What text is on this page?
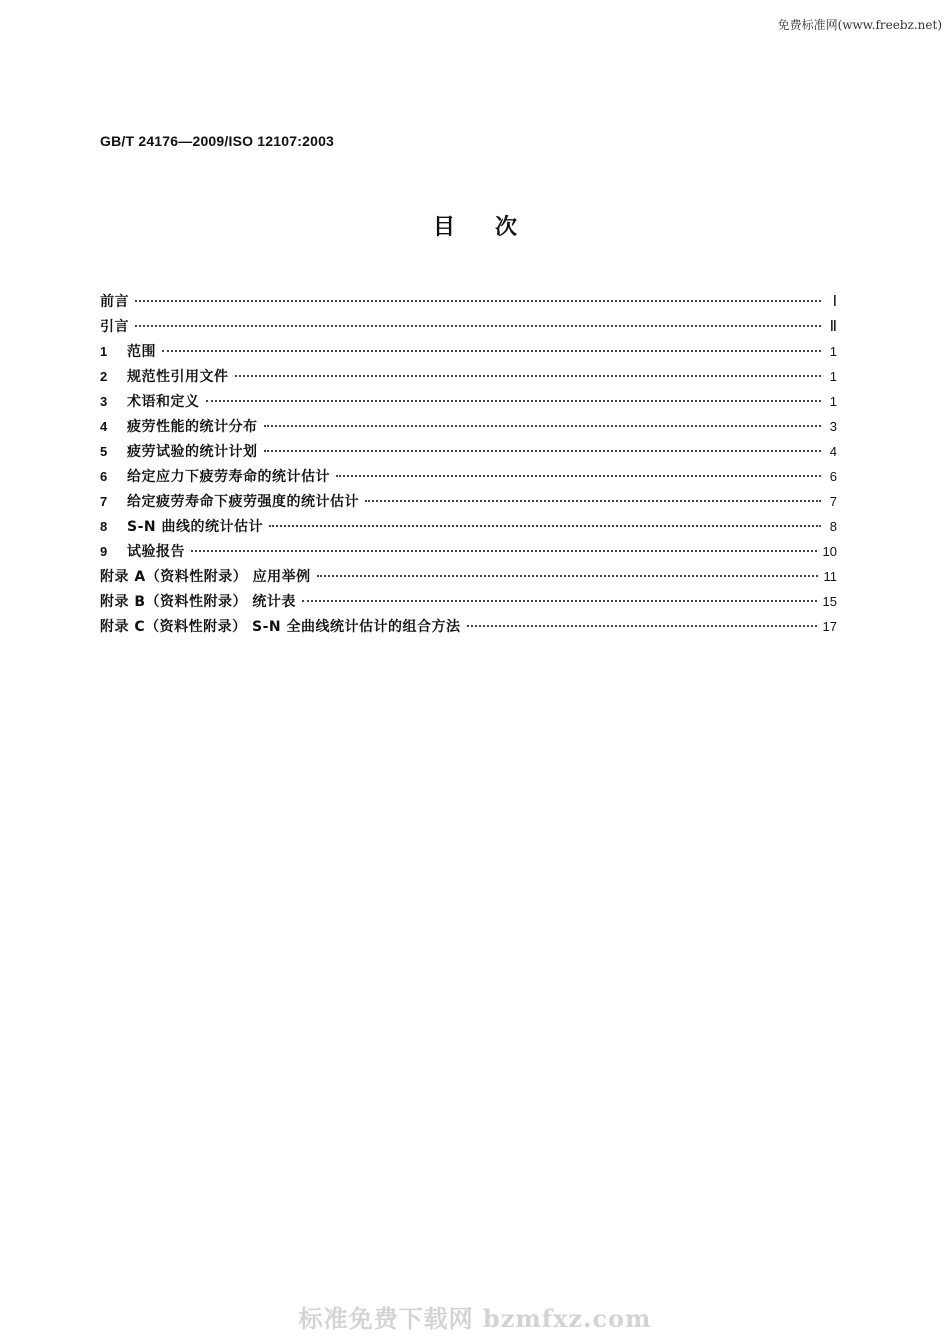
免费标准网(www.freebz.net)
GB/T 24176—2009/ISO 12107:2003
目次
前言	Ⅰ
引言	Ⅱ
1	范围	1
2	规范性引用文件	1
3	术语和定义	1
4	疲劳性能的统计分布	3
5	疲劳试验的统计计划	4
6	给定应力下疲劳寿命的统计估计	6
7	给定疲劳寿命下疲劳强度的统计估计	7
8	S-N 曲线的统计估计	8
9	试验报告	10
附录 A（资料性附录） 应用举例	11
附录 B（资料性附录） 统计表	15
附录 C（资料性附录） S-N 全曲线统计估计的组合方法	17
标准免费下载网 bzmfxz.com
